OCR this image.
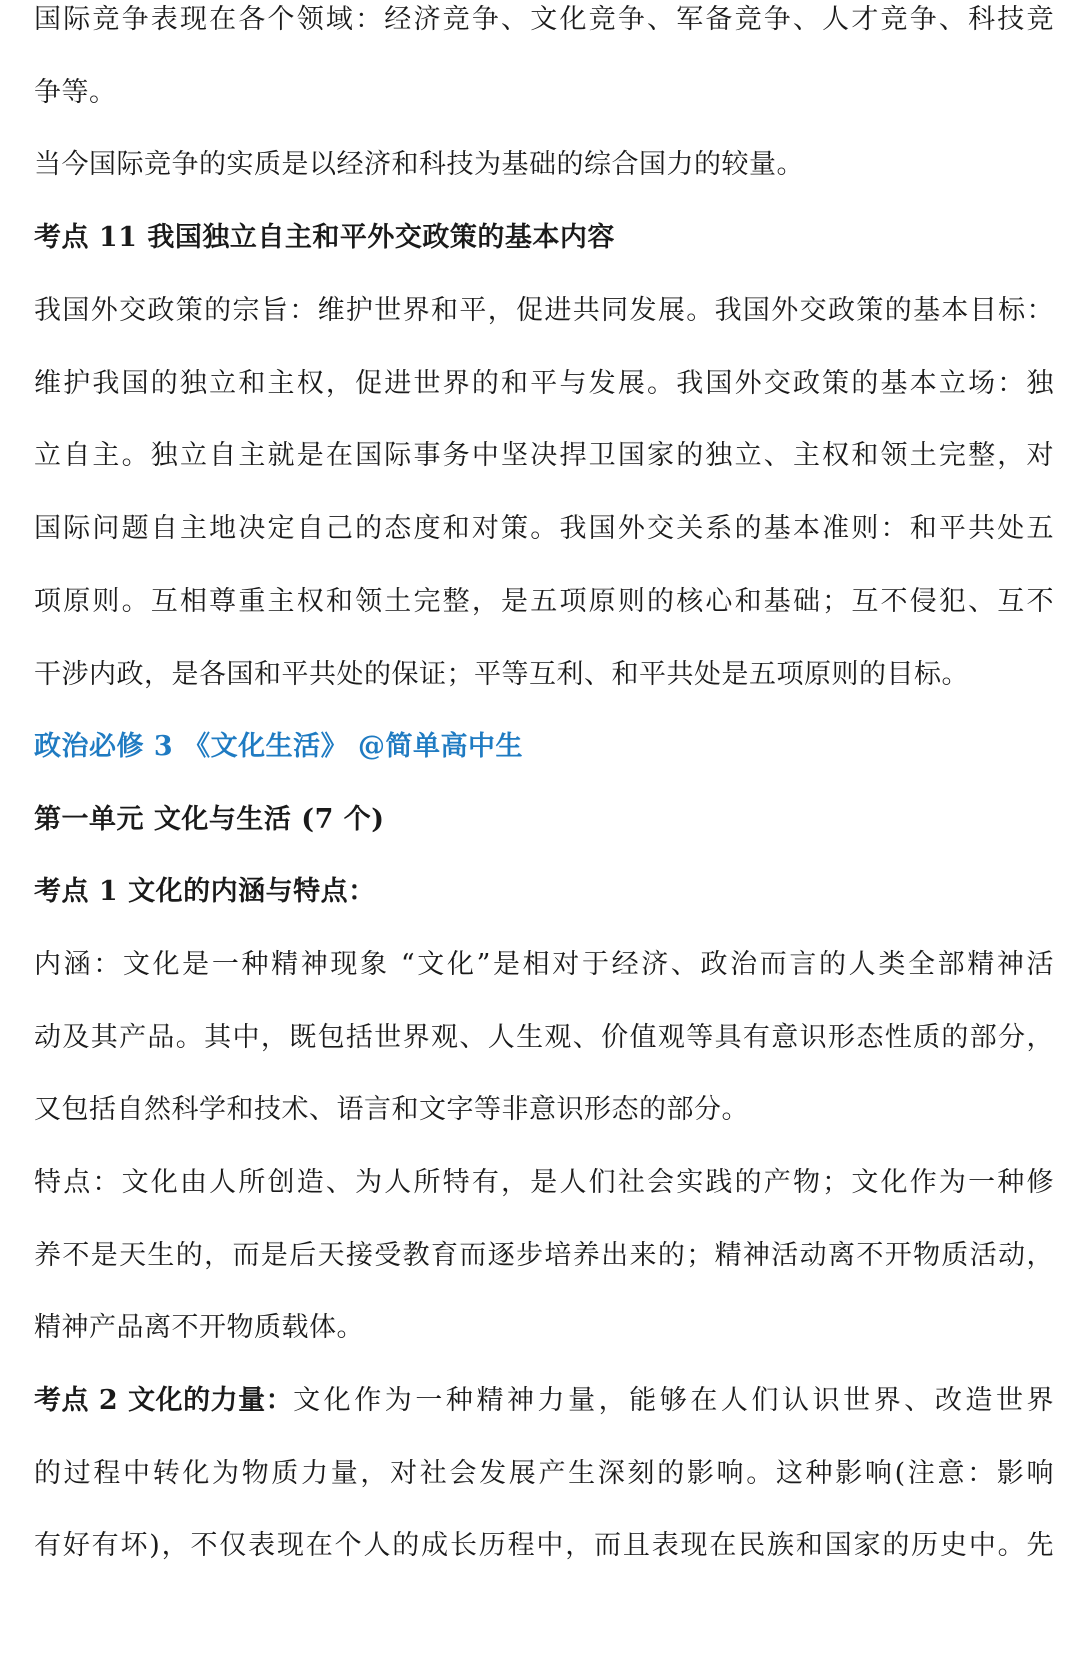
国际竞争表现在各个领域：经济竞争、文化竞争、军备竞争、人才竞争、科技竞
争等。
当今国际竞争的实质是以经济和科技为基础的综合国力的较量。
考点 11 我国独立自主和平外交政策的基本内容
我国外交政策的宗旨：维护世界和平，促进共同发展。我国外交政策的基本目标：
维护我国的独立和主权，促进世界的和平与发展。我国外交政策的基本立场：独
立自主。独立自主就是在国际事务中坚决捍卫国家的独立、主权和领土完整，对
国际问题自主地决定自己的态度和对策。我国外交关系的基本准则：和平共处五
项原则。互相尊重主权和领土完整，是五项原则的核心和基础；互不侵犯、互不
干涉内政，是各国和平共处的保证；平等互利、和平共处是五项原则的目标。
政治必修 3 《文化生活》 @简单高中生
第一单元 文化与生活 (7 个)
考点 1 文化的内涵与特点：
内涵：文化是一种精神现象 “文化”是相对于经济、政治而言的人类全部精神活
动及其产品。其中，既包括世界观、人生观、价值观等具有意识形态性质的部分，
又包括自然科学和技术、语言和文字等非意识形态的部分。
特点：文化由人所创造、为人所特有，是人们社会实践的产物；文化作为一种修
养不是天生的，而是后天接受教育而逐步培养出来的；精神活动离不开物质活动，
精神产品离不开物质载体。
考点 2 文化的力量： 文化作为一种精神力量，能够在人们认识世界、改造世界
的过程中转化为物质力量，对社会发展产生深刻的影响。这种影响(注意：影响
有好有坏)，不仅表现在个人的成长历程中，而且表现在民族和国家的历史中。先
